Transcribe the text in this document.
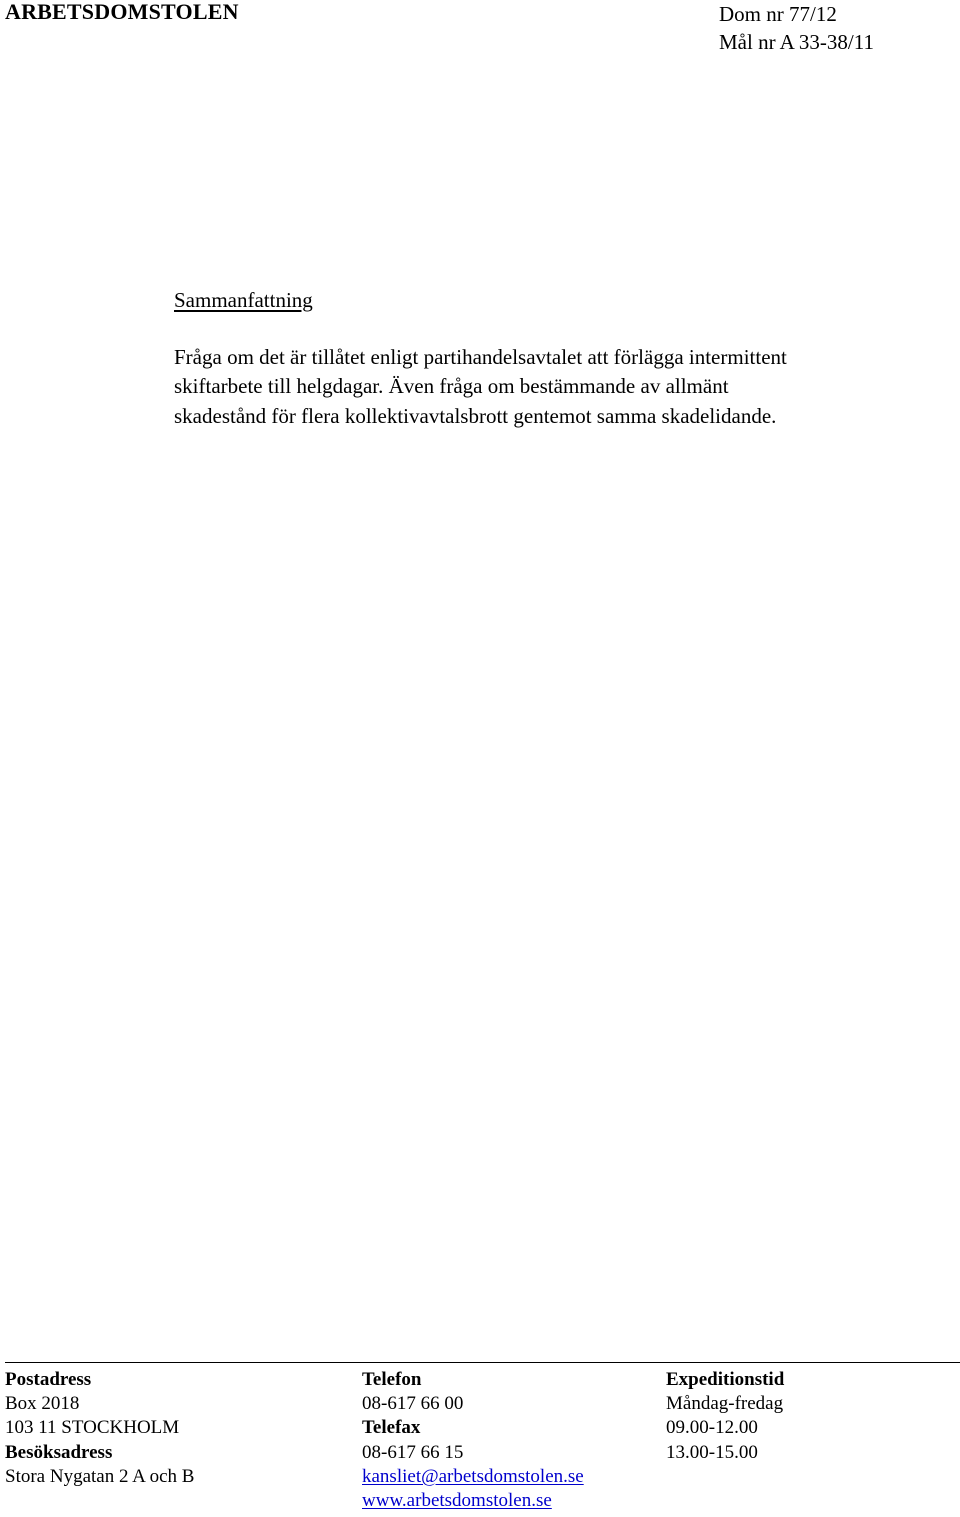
ARBETSDOMSTOLEN	Dom nr 77/12
Mål nr A 33-38/11
Sammanfattning

Fråga om det är tillåtet enligt partihandelsavtalet att förlägga intermittent
skiftarbete till helgdagar. Även fråga om bestämmande av allmänt
skadestånd för flera kollektivavtalsbrott gentemot samma skadelidande.

Postadress
Box 2018
103 11 STOCKHOLM
Besöksadress
Stora Nygatan 2 A och B
Telefon
08-617 66 00
Telefax
08-617 66 15
kansliet@arbetsdomstolen.se
www.arbetsdomstolen.se
Expeditionstid
Måndag-fredag
09.00-12.00
13.00-15.00
